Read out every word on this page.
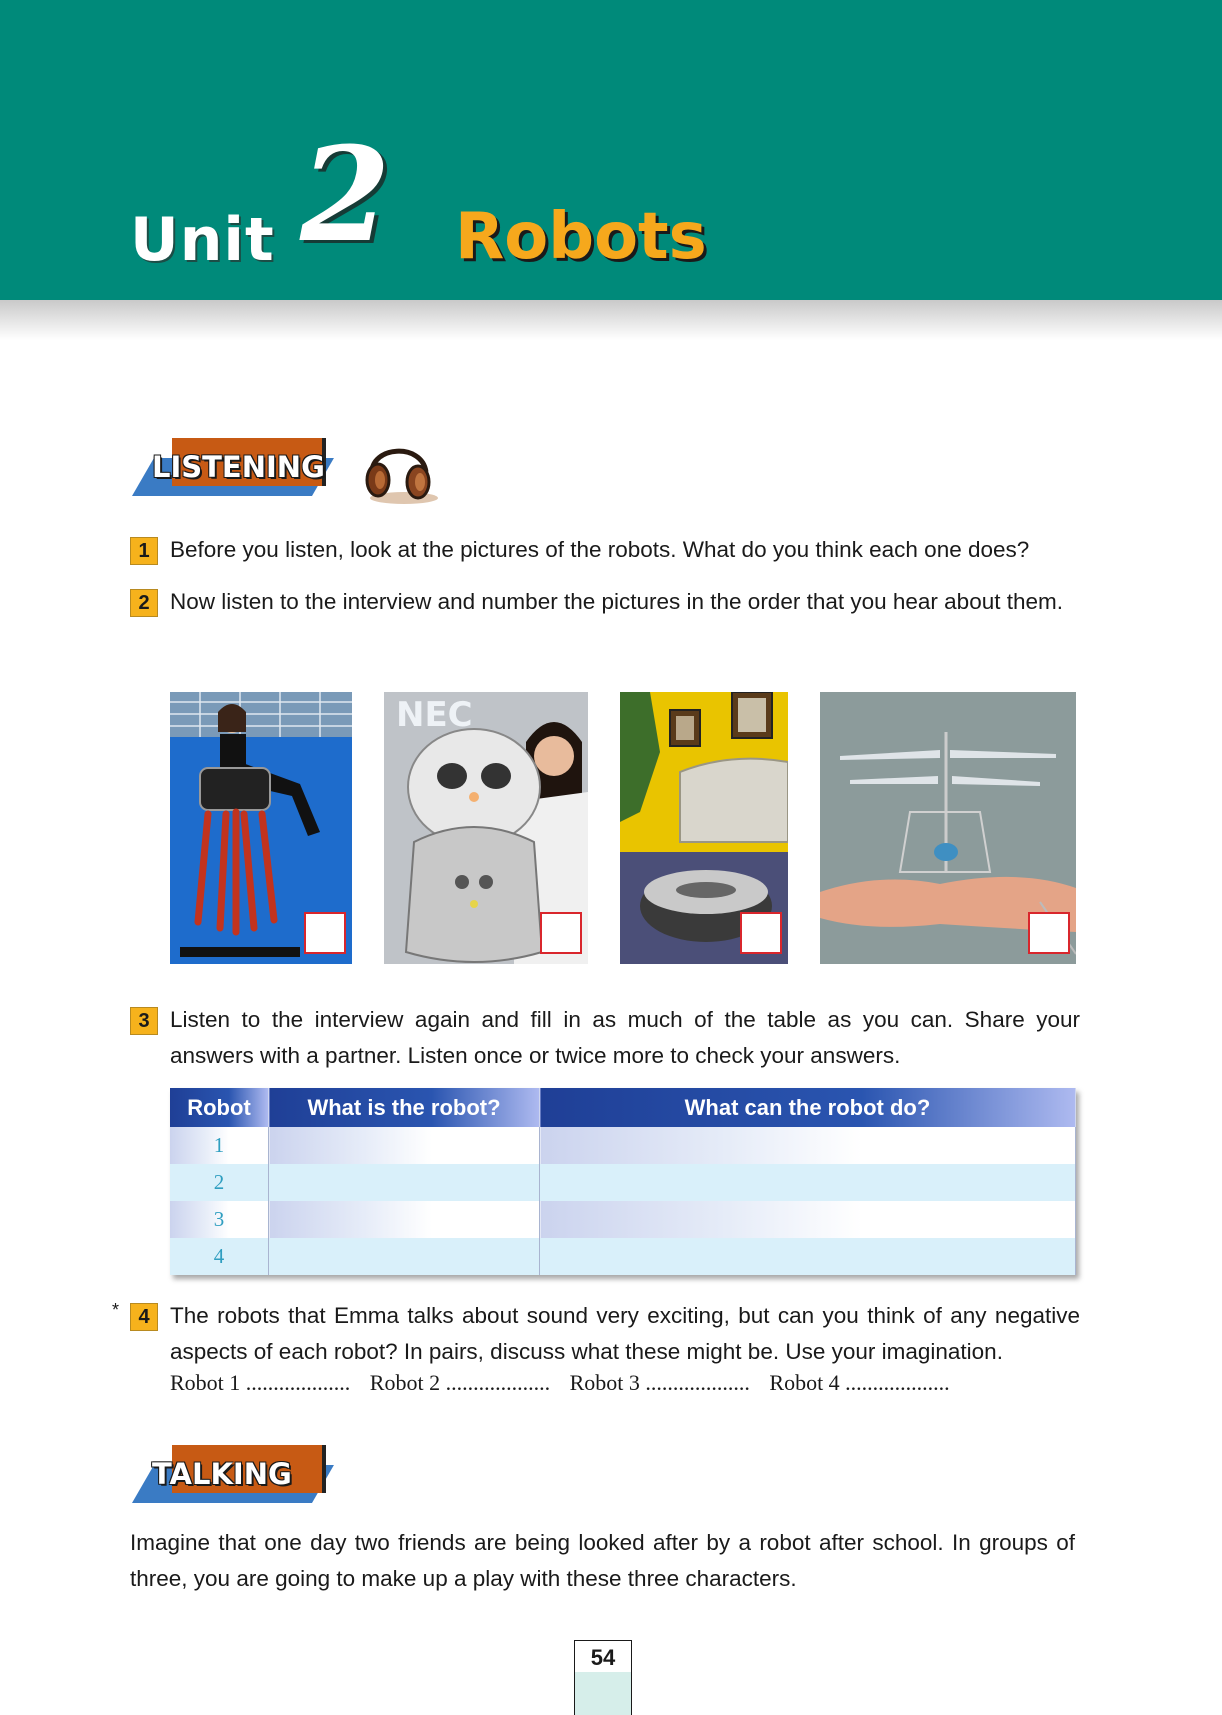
Unit 2 Robots
LISTENING
1 Before you listen, look at the pictures of the robots. What do you think each one does?
2 Now listen to the interview and number the pictures in the order that you hear about them.
NEC
3 Listen to the interview again and fill in as much of the table as you can. Share your answers with a partner. Listen once or twice more to check your answers.
Robot	What is the robot?	What can the robot do?
1		
2		
3		
4		
* 4 The robots that Emma talks about sound very exciting, but can you think of any negative aspects of each robot? In pairs, discuss what these might be. Use your imagination.
Robot 1 ................... Robot 2 ................... Robot 3 ................... Robot 4 ...................
TALKING
Imagine that one day two friends are being looked after by a robot after school. In groups of three, you are going to make up a play with these three characters.
54
